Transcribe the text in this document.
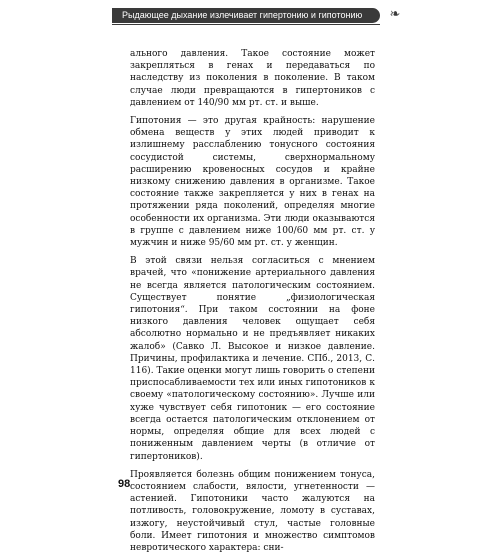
Рыдающее дыхание излечивает гипертонию и гипотонию ❧

ального давления. Такое состояние может закрепляться в генах и передаваться по наследству из поколения в поколение. В таком случае люди превращаются в гипертоников с давлением от 140/90 мм рт. ст. и выше.

Гипотония — это другая крайность: нарушение обмена веществ у этих людей приводит к излишнему расслаблению тонусного состояния сосудистой системы, сверхнормальному расширению кровеносных сосудов и крайне низкому снижению давления в организме. Такое состояние также закрепляется у них в генах на протяжении ряда поколений, определяя многие особенности их организма. Эти люди оказываются в группе с давлением ниже 100/60 мм рт. ст. у мужчин и ниже 95/60 мм рт. ст. у женщин.

В этой связи нельзя согласиться с мнением врачей, что «понижение артериального давления не всегда является патологическим состоянием. Существует понятие „физиологическая гипотония“. При таком состоянии на фоне низкого давления человек ощущает себя абсолютно нормально и не предъявляет никаких жалоб» (Савко Л. Высокое и низкое давление. Причины, профилактика и лечение. СПб., 2013, С. 116). Такие оценки могут лишь говорить о степени приспосабливаемости тех или иных гипотоников к своему «патологическому состоянию». Лучше или хуже чувствует себя гипотоник — его состояние всегда остается патологическим отклонением от нормы, определяя общие для всех людей с пониженным давлением черты (в отличие от гипертоников).

Проявляется болезнь общим понижением тонуса, состоянием слабости, вялости, угнетенности — астенией. Гипотоники часто жалуются на потливость, головокружение, ломоту в суставах, изжогу, неустойчивый стул, частые головные боли. Имеет гипотония и множество симптомов невротического характера: сни-

98
